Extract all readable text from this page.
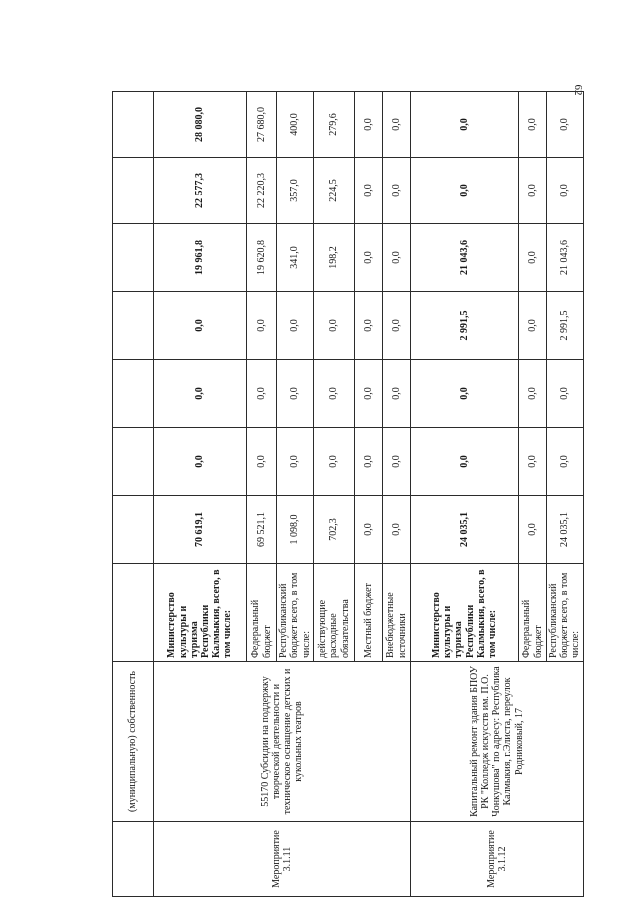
62
	(муниципальную) собственность								
Мероприятие 3.1.11	55170 Субсидии на поддержку творческой деятельности и техническое оснащение детских и кукольных театров	Министерство культуры и туризма Республики Калмыкия, всего, в том числе:	70 619,1	0,0	0,0	0,0	19 961,8	22 577,3	28 080,0
		Федеральный бюджет	69 521,1	0,0	0,0	0,0	19 620,8	22 220,3	27 680,0
		Республиканский бюджет всего, в том числе:	1 098,0	0,0	0,0	0,0	341,0	357,0	400,0
		действующие расходные обязательства	702,3	0,0	0,0	0,0	198,2	224,5	279,6
		Местный бюджет	0,0	0,0	0,0	0,0	0,0	0,0	0,0
		Внебюджетные источники	0,0	0,0	0,0	0,0	0,0	0,0	0,0
Мероприятие 3.1.12	Капитальный ремонт здания БПОУ РК "Колледж искусств им. П.О. Чонкушова" по адресу: Республика Калмыкия, г.Элиста, переулок Родниковый, 17	Министерство культуры и туризма Республики Калмыкия, всего, в том числе:	24 035,1	0,0	0,0	2 991,5	21 043,6	0,0	0,0
		Федеральный бюджет	0,0	0,0	0,0	0,0	0,0	0,0	0,0
		Республиканский бюджет всего, в том числе:	24 035,1	0,0	0,0	2 991,5	21 043,6	0,0	0,0
